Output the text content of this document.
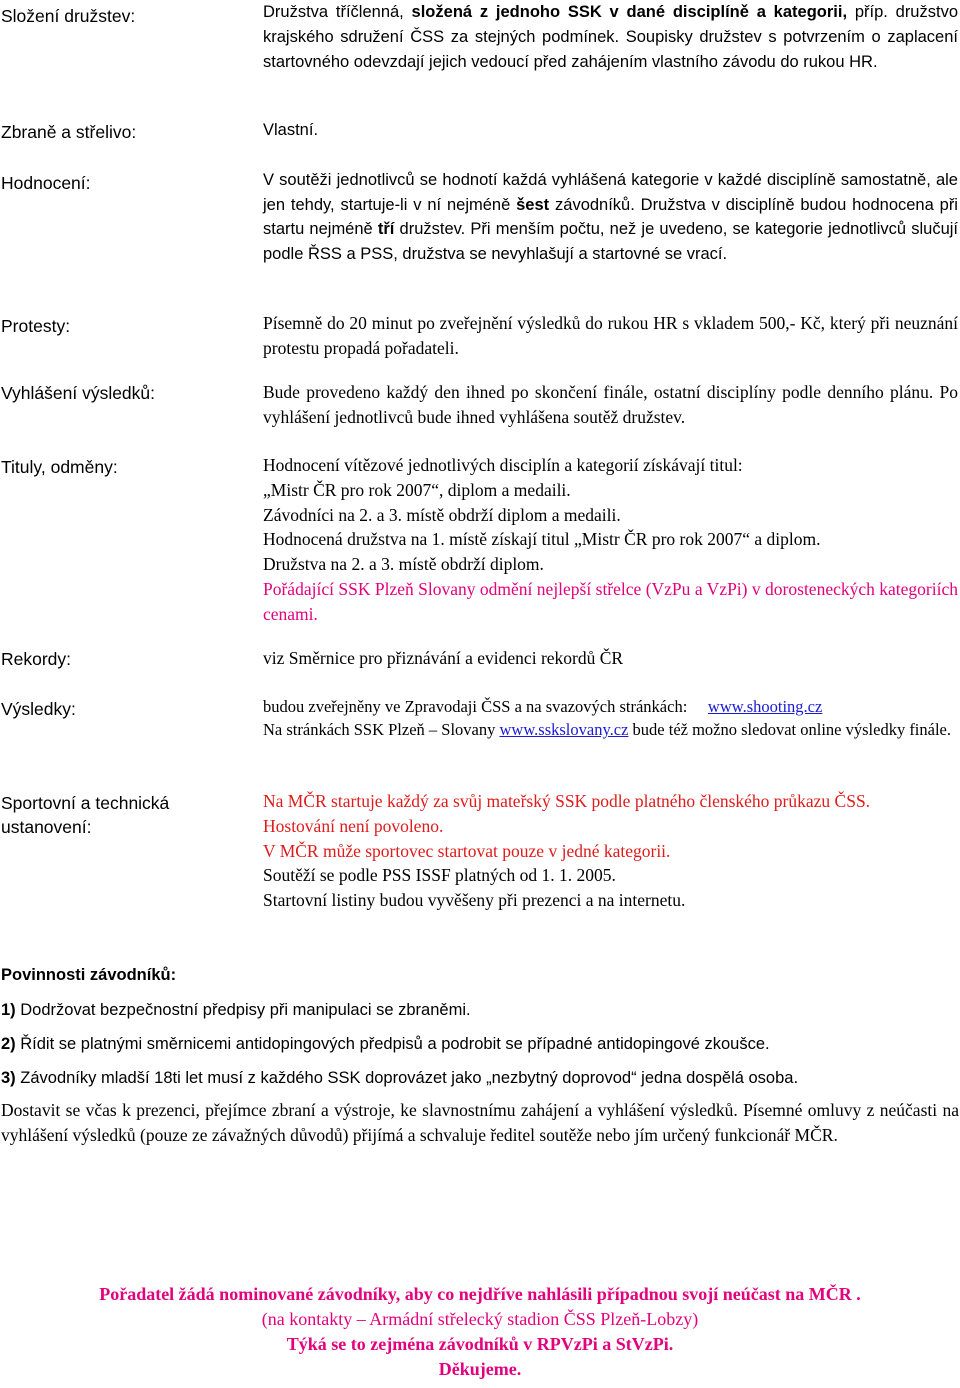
Složení družstev:
Zbraně a střelivo:
Hodnocení:
Protesty:
Vyhlášení výsledků:
Tituly, odměny:
Rekordy:
Výsledky:
Sportovní a technická
ustanovení:
Družstva tříčlenná, složená z jednoho SSK v dané disciplíně a kategorii, příp. družstvo krajského sdružení ČSS za stejných podmínek. Soupisky družstev s potvrzením o zaplacení startovného odevzdají jejich vedoucí před zahájením vlastního závodu do rukou HR.
Vlastní.
V soutěži jednotlivců se hodnotí každá vyhlášená kategorie v každé disciplíně samostatně, ale jen tehdy, startuje-li v ní nejméně šest závodníků. Družstva v disciplíně budou hodnocena při startu nejméně tří družstev. Při menším počtu, než je uvedeno, se kategorie jednotlivců slučují podle ŘSS a PSS, družstva se nevyhlašují a startovné se vrací.
Písemně do 20 minut po zveřejnění výsledků do rukou HR s vkladem 500,- Kč, který při neuznání protestu propadá pořadateli.
Bude provedeno každý den ihned po skončení finále, ostatní disciplíny podle denního plánu. Po vyhlášení jednotlivců bude ihned vyhlášena soutěž družstev.
Hodnocení vítězové jednotlivých disciplín a kategorií získávají titul:
„Mistr ČR pro rok 2007“, diplom a medaili.
Závodníci na 2. a 3. místě obdrží diplom a medaili.
Hodnocená družstva na 1. místě získají titul „Mistr ČR pro rok 2007“ a diplom.
Družstva na 2. a 3. místě obdrží diplom.
Pořádající SSK Plzeň Slovany odmění nejlepší střelce (VzPu a VzPi) v dorosteneckých kategoriích cenami.
viz Směrnice pro přiznávání a evidenci rekordů ČR
budou zveřejněny ve Zpravodaji ČSS a na svazových stránkách: www.shooting.cz
Na stránkách SSK Plzeň – Slovany www.sskslovany.cz bude též možno sledovat online výsledky finále.
Na MČR startuje každý za svůj mateřský SSK podle platného členského průkazu ČSS.
Hostování není povoleno.
V MČR může sportovec startovat pouze v jedné kategorii.
Soutěží se podle PSS ISSF platných od 1. 1. 2005.
Startovní listiny budou vyvěšeny při prezenci a na internetu.
Povinnosti závodníků:
1) Dodržovat bezpečnostní předpisy při manipulaci se zbraněmi.
2) Řídit se platnými směrnicemi antidopingových předpisů a podrobit se případné antidopingové zkoušce.
3) Závodníky mladší 18ti let musí z každého SSK doprovázet jako „nezbytný doprovod“ jedna dospělá osoba.
Dostavit se včas k prezenci, přejímce zbraní a výstroje, ke slavnostnímu zahájení a vyhlášení výsledků. Písemné omluvy z neúčasti na vyhlášení výsledků (pouze ze závažných důvodů) přijímá a schvaluje ředitel soutěže nebo jím určený funkcionář MČR.
Pořadatel žádá nominované závodníky, aby co nejdříve nahlásili případnou svojí neúčast na MČR .
(na kontakty – Armádní střelecký stadion ČSS Plzeň-Lobzy)
Týká se to zejména závodníků v RPVzPi a StVzPi.
Děkujeme.
